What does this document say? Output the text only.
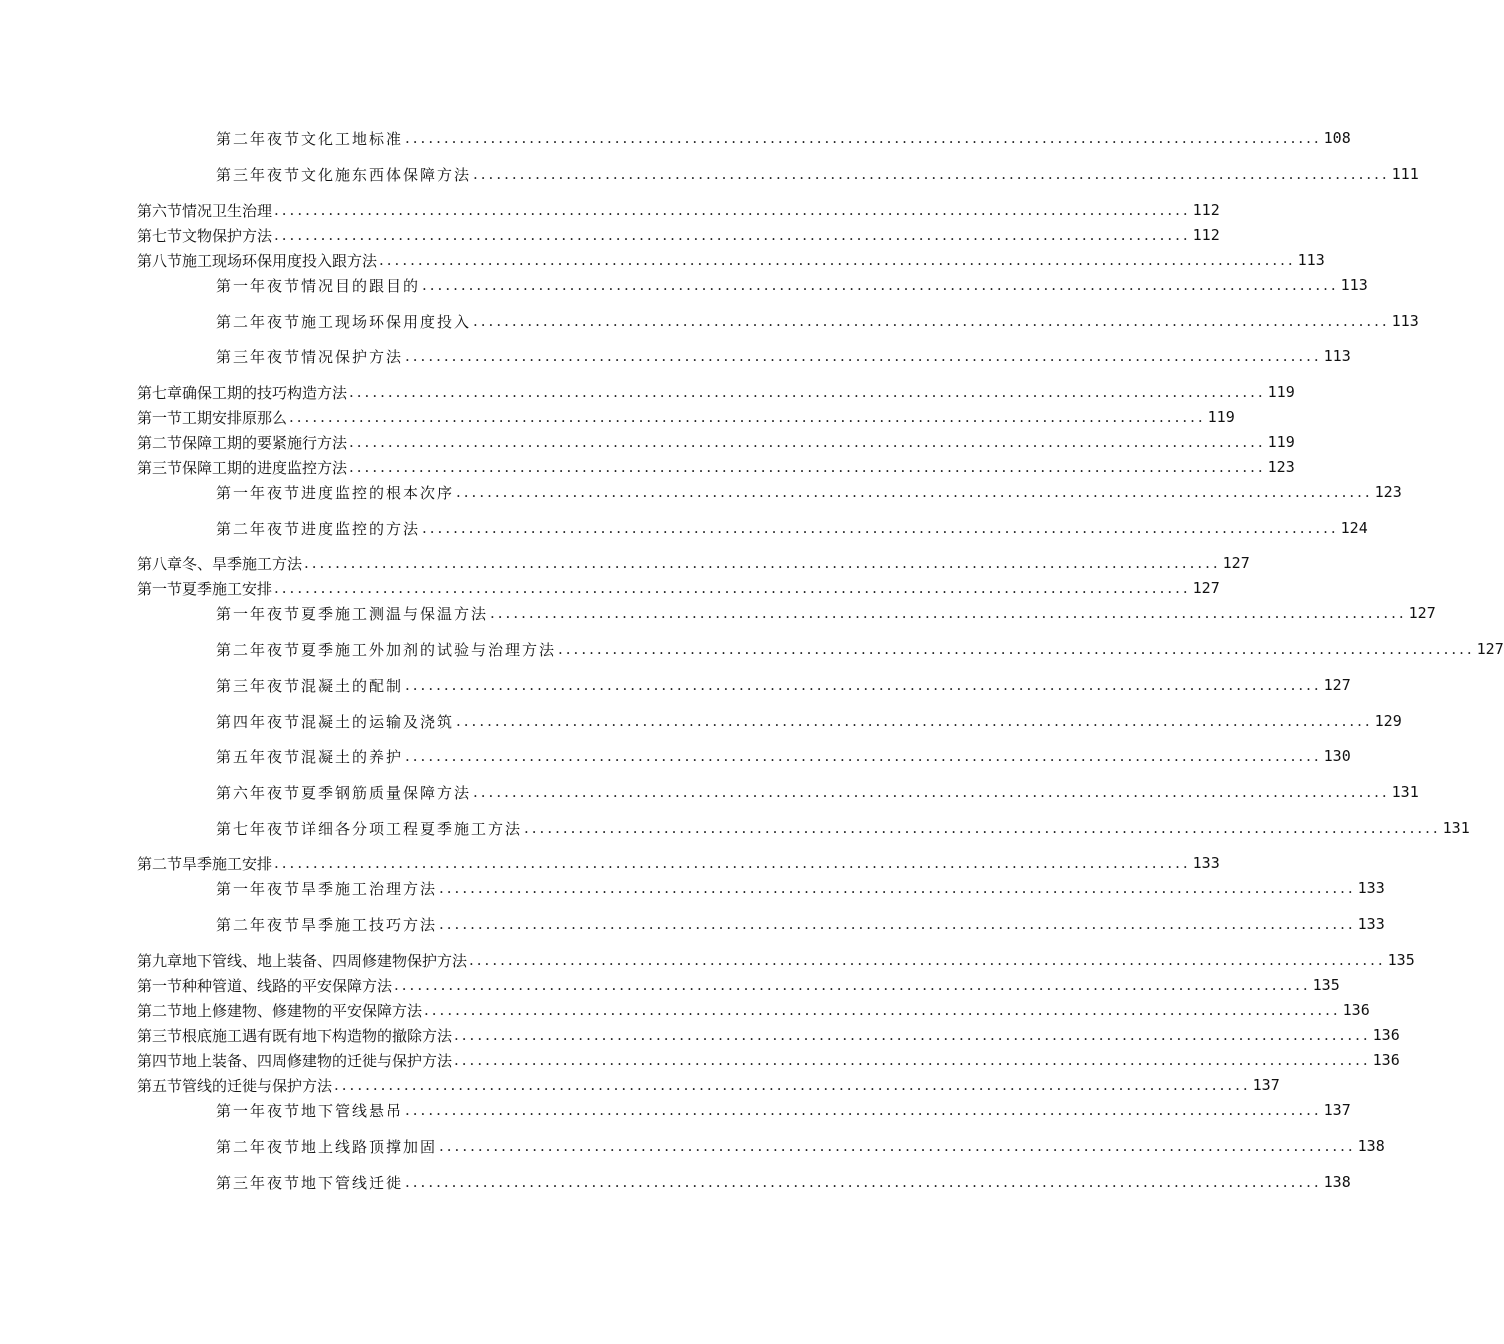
第二年夜节文化工地标准 ...................................................................................................................... 108
第三年夜节文化施东西体保障方法 ...................................................................................................................... 111
第六节情况卫生治理 ...................................................................................................................... 112
第七节文物保护方法 ...................................................................................................................... 112
第八节施工现场环保用度投入跟方法 ...................................................................................................................... 113
第一年夜节情况目的跟目的 ...................................................................................................................... 113
第二年夜节施工现场环保用度投入 ...................................................................................................................... 113
第三年夜节情况保护方法 ...................................................................................................................... 113
第七章确保工期的技巧构造方法 ...................................................................................................................... 119
第一节工期安排原那么 ...................................................................................................................... 119
第二节保障工期的要紧施行方法 ...................................................................................................................... 119
第三节保障工期的进度监控方法 ...................................................................................................................... 123
第一年夜节进度监控的根本次序 ...................................................................................................................... 123
第二年夜节进度监控的方法 ...................................................................................................................... 124
第八章冬、旱季施工方法 ...................................................................................................................... 127
第一节夏季施工安排 ...................................................................................................................... 127
第一年夜节夏季施工测温与保温方法 ...................................................................................................................... 127
第二年夜节夏季施工外加剂的试验与治理方法 ...................................................................................................................... 127
第三年夜节混凝土的配制 ...................................................................................................................... 127
第四年夜节混凝土的运输及浇筑 ...................................................................................................................... 129
第五年夜节混凝土的养护 ...................................................................................................................... 130
第六年夜节夏季钢筋质量保障方法 ...................................................................................................................... 131
第七年夜节详细各分项工程夏季施工方法 ...................................................................................................................... 131
第二节旱季施工安排 ...................................................................................................................... 133
第一年夜节旱季施工治理方法 ...................................................................................................................... 133
第二年夜节旱季施工技巧方法 ...................................................................................................................... 133
第九章地下管线、地上装备、四周修建物保护方法 ...................................................................................................................... 135
第一节种种管道、线路的平安保障方法 ...................................................................................................................... 135
第二节地上修建物、修建物的平安保障方法 ...................................................................................................................... 136
第三节根底施工遇有既有地下构造物的撤除方法 ...................................................................................................................... 136
第四节地上装备、四周修建物的迁徙与保护方法 ...................................................................................................................... 136
第五节管线的迁徙与保护方法 ...................................................................................................................... 137
第一年夜节地下管线悬吊 ...................................................................................................................... 137
第二年夜节地上线路顶撑加固 ...................................................................................................................... 138
第三年夜节地下管线迁徙 ...................................................................................................................... 138
